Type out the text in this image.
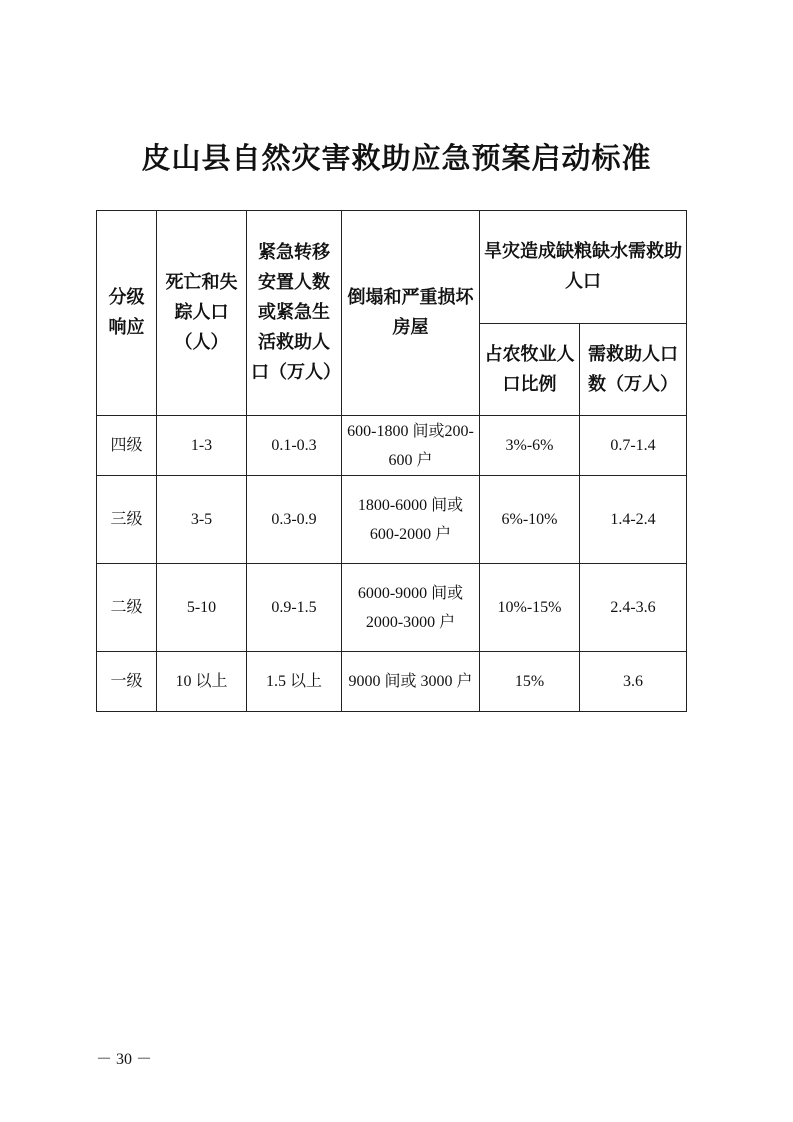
皮山县自然灾害救助应急预案启动标准
分级响应	死亡和失踪人口（人）	紧急转移安置人数或紧急生活救助人口（万人）	倒塌和严重损坏房屋	旱灾造成缺粮缺水需救助人口	
				占农牧业人口比例	需救助人口数（万人）
四级	1-3	0.1-0.3	600-1800 间或200-600 户	3%-6%	0.7-1.4
三级	3-5	0.3-0.9	1800-6000 间或 600-2000 户	6%-10%	1.4-2.4
二级	5-10	0.9-1.5	6000-9000 间或 2000-3000 户	10%-15%	2.4-3.6
一级	10 以上	1.5 以上	9000 间或 3000 户	15%	3.6
－ 30 －
